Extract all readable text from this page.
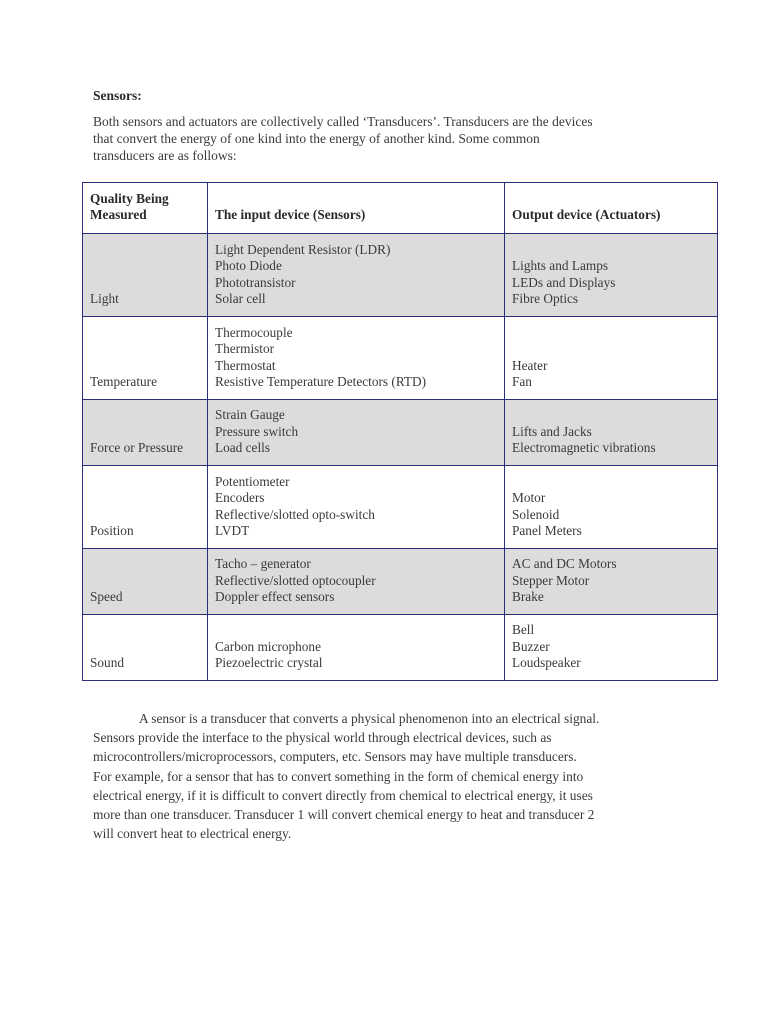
Sensors:
Both sensors and actuators are collectively called ‘Transducers’. Transducers are the devices
that convert the energy of one kind into the energy of another kind. Some common
transducers are as follows:
Quality Being
Measured	The input device (Sensors)	Output device (Actuators)
Light	Light Dependent Resistor (LDR)
Photo Diode
Phototransistor
Solar cell	Lights and Lamps
LEDs and Displays
Fibre Optics

Temperature	Thermocouple
Thermistor
Thermostat
Resistive Temperature Detectors (RTD)	Heater
Fan

Force or Pressure	Strain Gauge
Pressure switch
Load cells	Lifts and Jacks
Electromagnetic vibrations

Position	Potentiometer
Encoders
Reflective/slotted opto-switch
LVDT	Motor
Solenoid
Panel Meters

Speed	Tacho – generator
Reflective/slotted optocoupler
Doppler effect sensors	AC and DC Motors
Stepper Motor
Brake

Sound	Carbon microphone
Piezoelectric crystal	Bell
Buzzer
Loudspeaker
A sensor is a transducer that converts a physical phenomenon into an electrical signal.
Sensors provide the interface to the physical world through electrical devices, such as
microcontrollers/microprocessors, computers, etc. Sensors may have multiple transducers.
For example, for a sensor that has to convert something in the form of chemical energy into
electrical energy, if it is difficult to convert directly from chemical to electrical energy, it uses
more than one transducer. Transducer 1 will convert chemical energy to heat and transducer 2
will convert heat to electrical energy.
